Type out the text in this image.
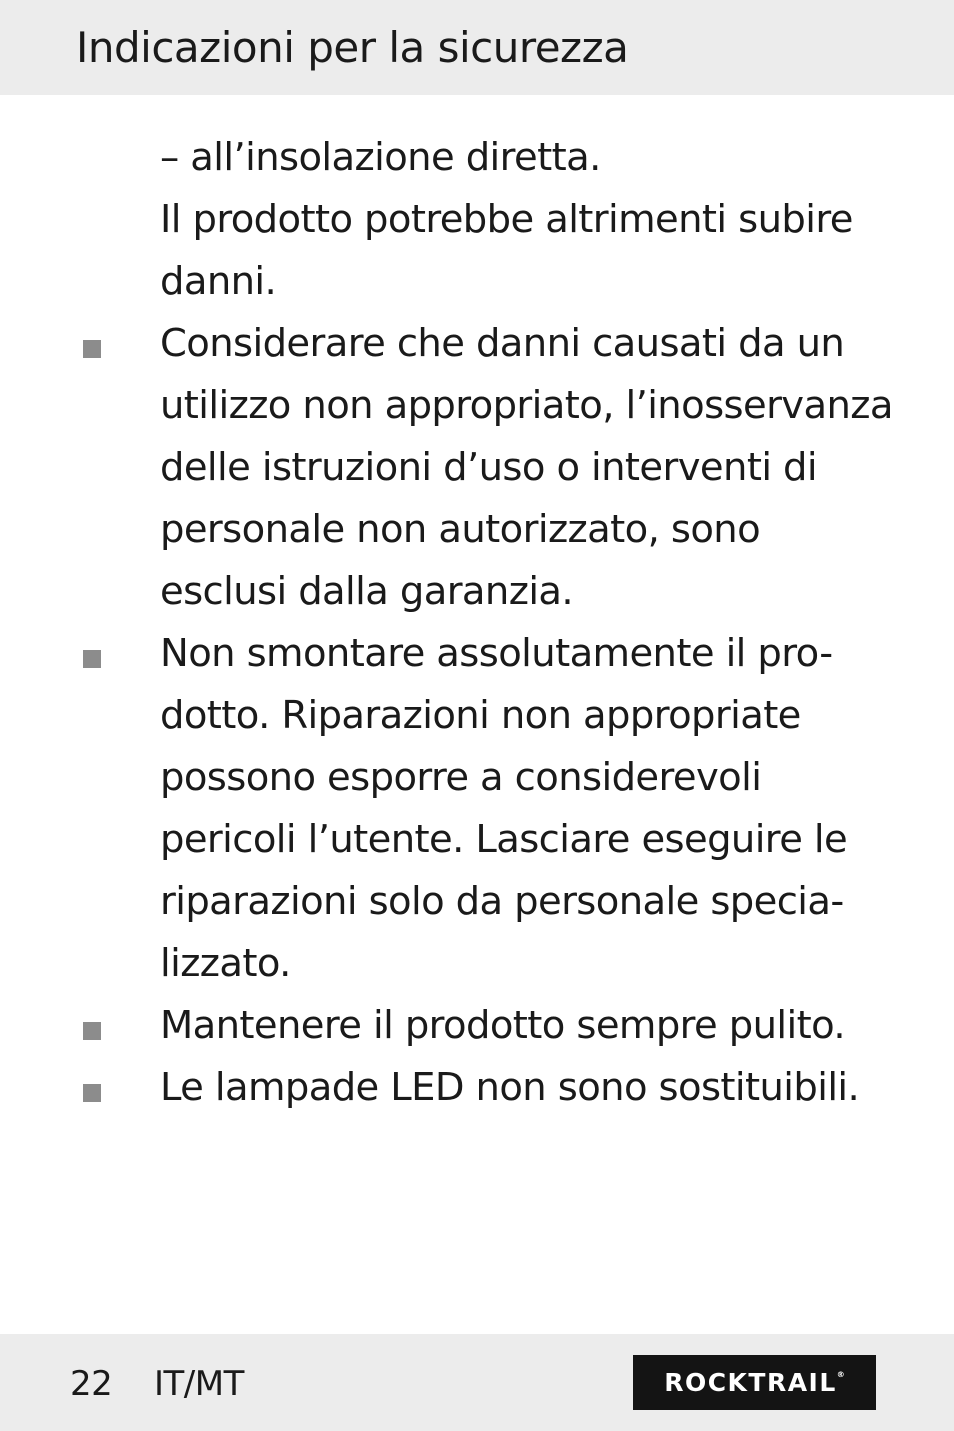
Indicazioni per la sicurezza
– all’insolazione diretta.
Il prodotto potrebbe altrimenti subire
danni.
Considerare che danni causati da un
utilizzo non appropriato, l’inosservanza
delle istruzioni d’uso o interventi di
personale non autorizzato, sono
esclusi dalla garanzia.
Non smontare assolutamente il pro-
dotto. Riparazioni non appropriate
possono esporre a considerevoli
pericoli l’utente. Lasciare eseguire le
riparazioni solo da personale specia-
lizzato.
Mantenere il prodotto sempre pulito.
Le lampade LED non sono sostituibili.
22 IT/MT	ROCKTRAIL®
